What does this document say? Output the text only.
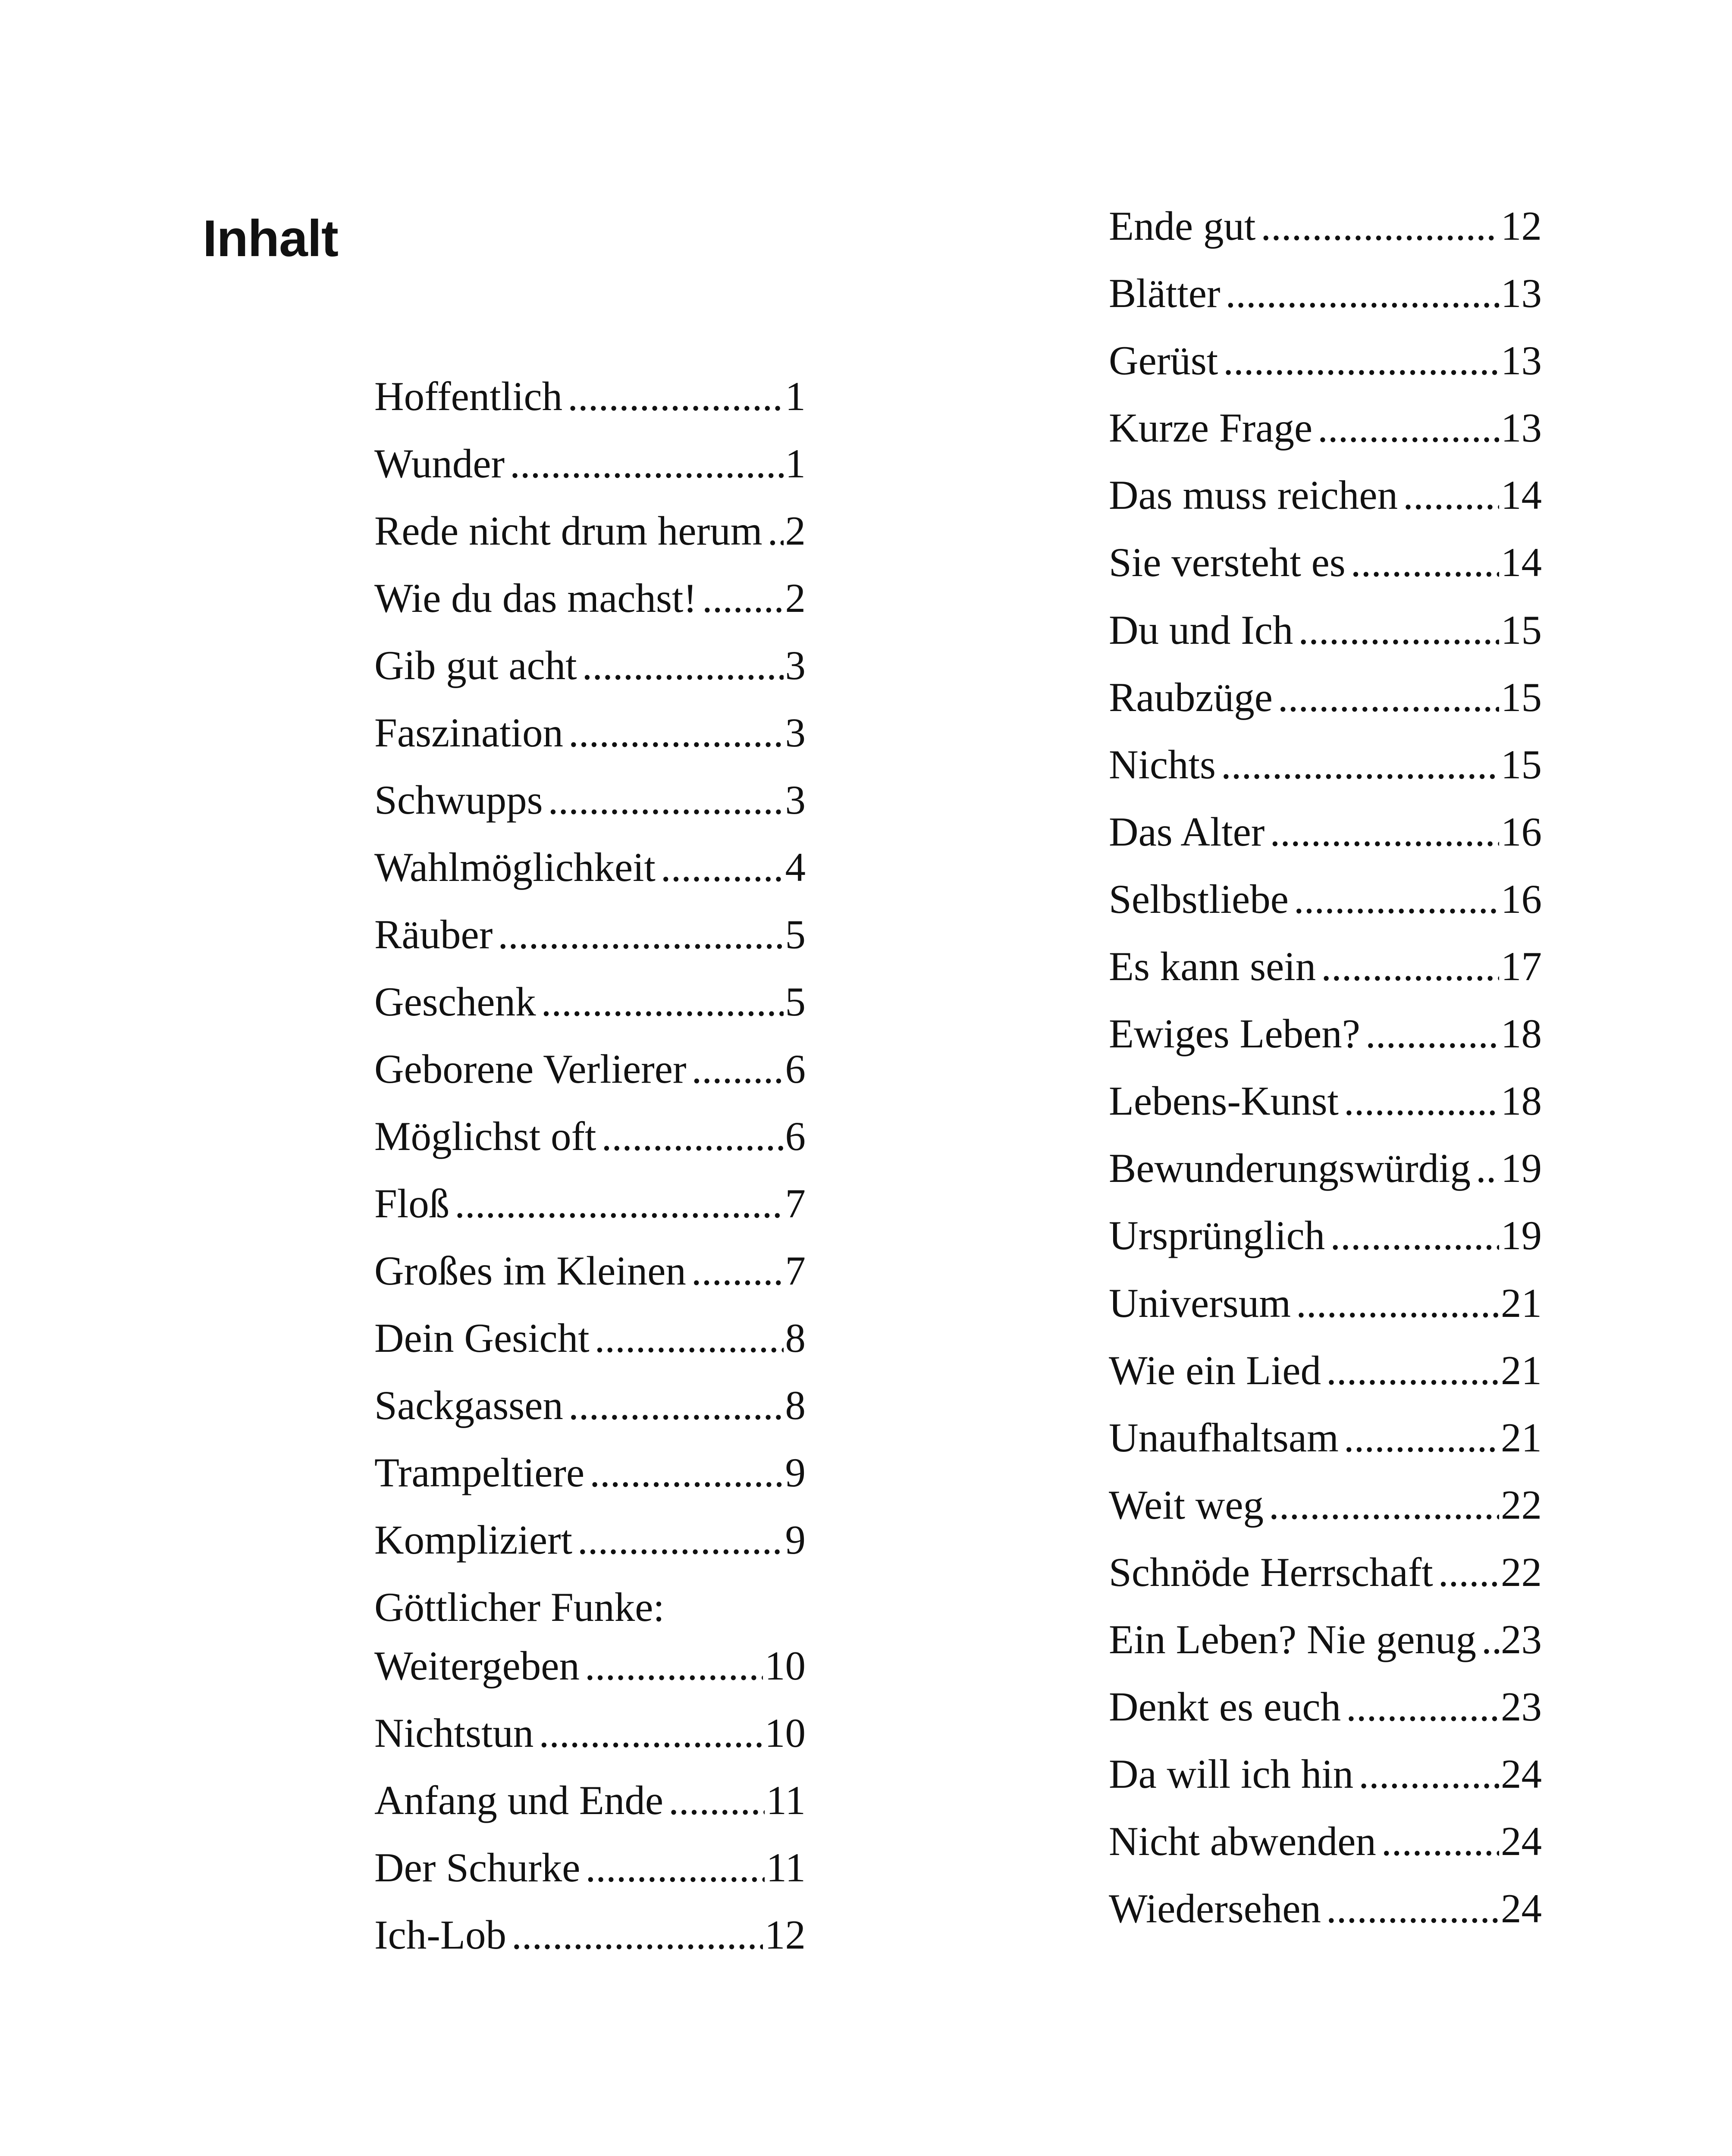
Inhalt
Hoffentlich .....	1
Wunder .....	1
Rede nicht drum herum ..... 2
Wie du das machst! ..... 2
Gib gut acht .....	3
Faszination .....	3
Schwupps .....	3
Wahlmöglichkeit .....	4
Räuber .....	5
Geschenk .....	5
Geborene Verlierer ..... 6
Möglichst oft .....	6
Floß .....	7
Großes im Kleinen ..... 7
Dein Gesicht .....	8
Sackgassen .....	8
Trampeltiere .....	9
Kompliziert .....	9
Göttlicher Funke:
Weitergeben .....	10
Nichtstun .....	10
Anfang und Ende .....	11
Der Schurke .....	11
Ich-Lob .....	12
Ende gut .....	12
Blätter .....	13
Gerüst .....	13
Kurze Frage .....	13
Das muss reichen .....	14
Sie versteht es .....	14
Du und Ich .....	15
Raubzüge .....	15
Nichts .....	15
Das Alter .....	16
Selbstliebe .....	16
Es kann sein .....	17
Ewiges Leben? .....	18
Lebens-Kunst .....	18
Bewunderungswürdig ..... 19
Ursprünglich .....	19
Universum .....	21
Wie ein Lied .....	21
Unaufhaltsam .....	21
Weit weg .....	22
Schnöde Herrschaft ..... 22
Ein Leben? Nie genug ..... 23
Denkt es euch .....	23
Da will ich hin .....	24
Nicht abwenden .....	24
Wiedersehen .....	24
